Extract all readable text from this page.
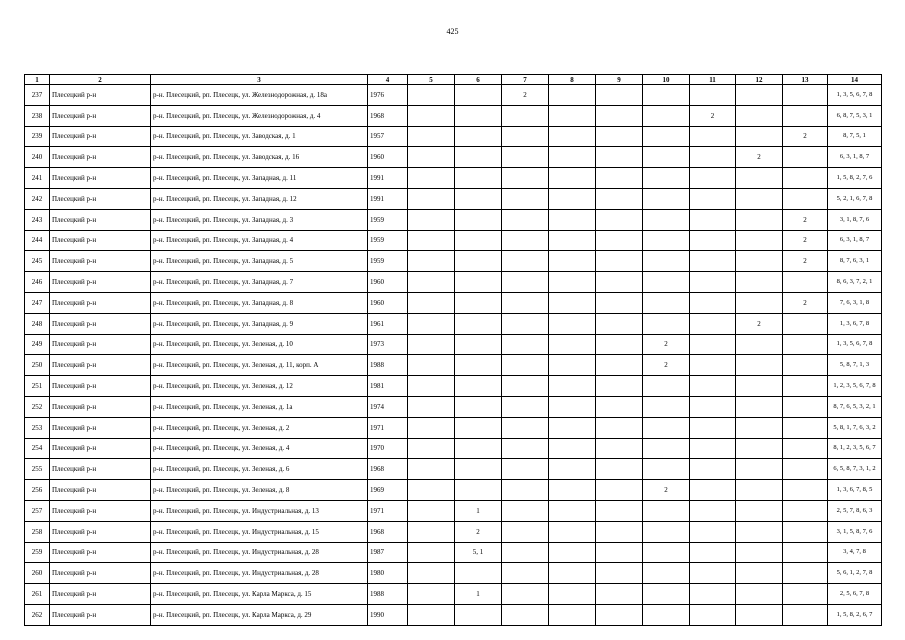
425
1	2	3	4	5	6	7	8	9	10	11	12	13	14
237	Плесецкий р-н	р-н. Плесецкий, рп. Плесецк, ул. Железнодорожная, д. 18а	1976			2							1, 3, 5, 6, 7, 8
238	Плесецкий р-н	р-н. Плесецкий, рп. Плесецк, ул. Железнодорожная, д. 4	1968							2			6, 8, 7, 5, 3, 1
239	Плесецкий р-н	р-н. Плесецкий, рп. Плесецк, ул. Заводская, д. 1	1957									2	8, 7, 5, 1
240	Плесецкий р-н	р-н. Плесецкий, рп. Плесецк, ул. Заводская, д. 16	1960								2		6, 3, 1, 8, 7
241	Плесецкий р-н	р-н. Плесецкий, рп. Плесецк, ул. Западная, д. 11	1991										1, 5, 8, 2, 7, 6
242	Плесецкий р-н	р-н. Плесецкий, рп. Плесецк, ул. Западная, д. 12	1991										5, 2, 1, 6, 7, 8
243	Плесецкий р-н	р-н. Плесецкий, рп. Плесецк, ул. Западная, д. 3	1959									2	3, 1, 8, 7, 6
244	Плесецкий р-н	р-н. Плесецкий, рп. Плесецк, ул. Западная, д. 4	1959									2	6, 3, 1, 8, 7
245	Плесецкий р-н	р-н. Плесецкий, рп. Плесецк, ул. Западная, д. 5	1959									2	8, 7, 6, 3, 1
246	Плесецкий р-н	р-н. Плесецкий, рп. Плесецк, ул. Западная, д. 7	1960										8, 6, 3, 7, 2, 1
247	Плесецкий р-н	р-н. Плесецкий, рп. Плесецк, ул. Западная, д. 8	1960									2	7, 6, 3, 1, 8
248	Плесецкий р-н	р-н. Плесецкий, рп. Плесецк, ул. Западная, д. 9	1961								2		1, 3, 6, 7, 8
249	Плесецкий р-н	р-н. Плесецкий, рп. Плесецк, ул. Зеленая, д. 10	1973						2				1, 3, 5, 6, 7, 8
250	Плесецкий р-н	р-н. Плесецкий, рп. Плесецк, ул. Зеленая, д. 11, корп. А	1988						2				5, 8, 7, 1, 3
251	Плесецкий р-н	р-н. Плесецкий, рп. Плесецк, ул. Зеленая, д. 12	1981										1, 2, 3, 5, 6, 7, 8
252	Плесецкий р-н	р-н. Плесецкий, рп. Плесецк, ул. Зеленая, д. 1а	1974										8, 7, 6, 5, 3, 2, 1
253	Плесецкий р-н	р-н. Плесецкий, рп. Плесецк, ул. Зеленая, д. 2	1971										5, 8, 1, 7, 6, 3, 2
254	Плесецкий р-н	р-н. Плесецкий, рп. Плесецк, ул. Зеленая, д. 4	1970										8, 1, 2, 3, 5, 6, 7
255	Плесецкий р-н	р-н. Плесецкий, рп. Плесецк, ул. Зеленая, д. 6	1968										6, 5, 8, 7, 3, 1, 2
256	Плесецкий р-н	р-н. Плесецкий, рп. Плесецк, ул. Зеленая, д. 8	1969						2				1, 3, 6, 7, 8, 5
257	Плесецкий р-н	р-н. Плесецкий, рп. Плесецк, ул. Индустриальная, д. 13	1971		1								2, 5, 7, 8, 6, 3
258	Плесецкий р-н	р-н. Плесецкий, рп. Плесецк, ул. Индустриальная, д. 15	1968		2								3, 1, 5, 8, 7, 6
259	Плесецкий р-н	р-н. Плесецкий, рп. Плесецк, ул. Индустриальная, д. 28	1987		5, 1								3, 4, 7, 8
260	Плесецкий р-н	р-н. Плесецкий, рп. Плесецк, ул. Индустриальная, д. 28	1980										5, 6, 1, 2, 7, 8
261	Плесецкий р-н	р-н. Плесецкий, рп. Плесецк, ул. Карла Маркса, д. 15	1988		1								2, 5, 6, 7, 8
262	Плесецкий р-н	р-н. Плесецкий, рп. Плесецк, ул. Карла Маркса, д. 29	1990										1, 5, 8, 2, 6, 7
